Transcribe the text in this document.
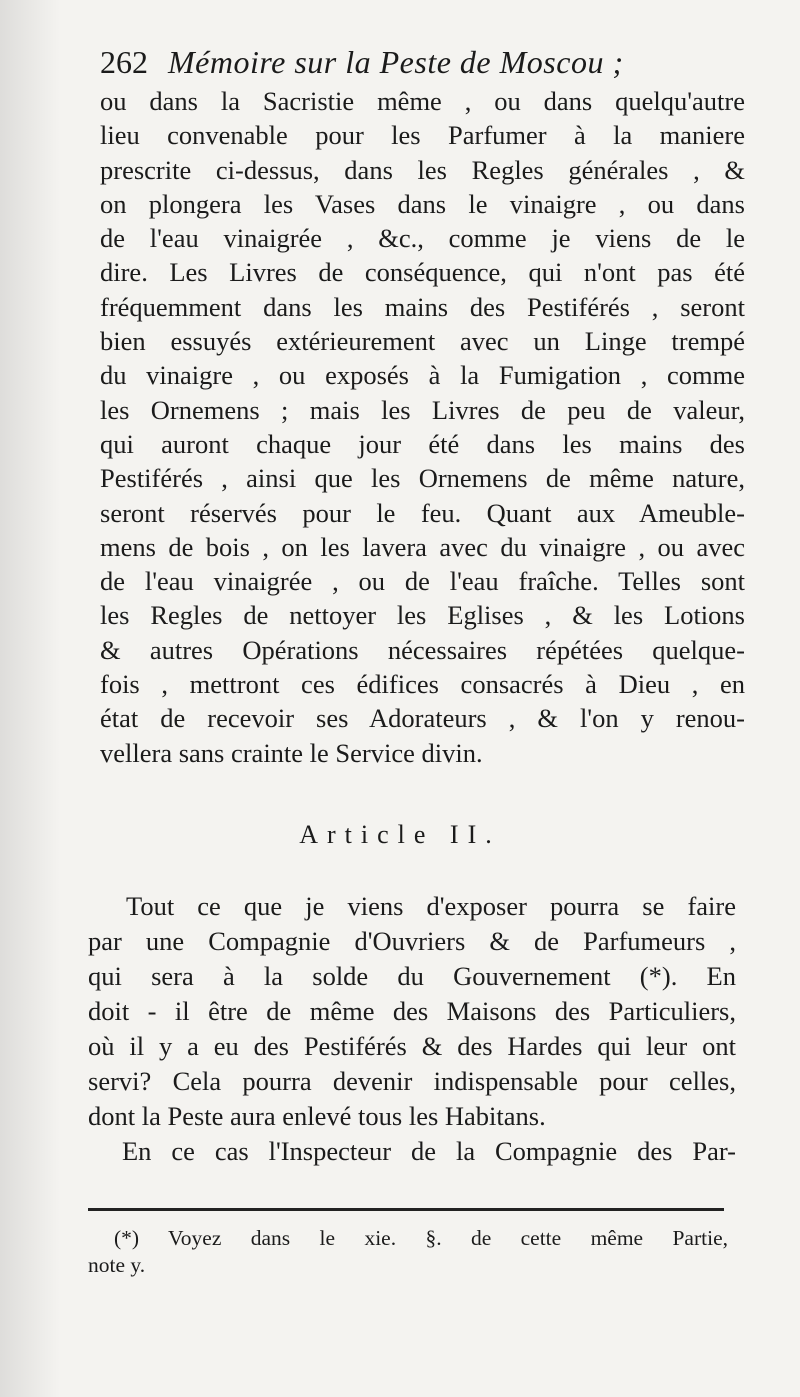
262 Mémoire sur la Peste de Moscou ;
ou dans la Sacristie même , ou dans quelqu'autre
lieu convenable pour les Parfumer à la maniere
prescrite ci-dessus, dans les Regles générales , &
on plongera les Vases dans le vinaigre , ou dans
de l'eau vinaigrée , &c., comme je viens de le
dire. Les Livres de conséquence, qui n'ont pas été
fréquemment dans les mains des Pestiférés , seront
bien essuyés extérieurement avec un Linge trempé
du vinaigre , ou exposés à la Fumigation , comme
les Ornemens ; mais les Livres de peu de valeur,
qui auront chaque jour été dans les mains des
Pestiférés , ainsi que les Ornemens de même nature,
seront réservés pour le feu. Quant aux Ameuble-
mens de bois , on les lavera avec du vinaigre , ou avec
de l'eau vinaigrée , ou de l'eau fraîche. Telles sont
les Regles de nettoyer les Eglises , & les Lotions
& autres Opérations nécessaires répétées quelque-
fois , mettront ces édifices consacrés à Dieu , en
état de recevoir ses Adorateurs , & l'on y renou-
vellera sans crainte le Service divin.
Article II.
Tout ce que je viens d'exposer pourra se faire
par une Compagnie d'Ouvriers & de Parfumeurs ,
qui sera à la solde du Gouvernement (*). En
doit - il être de même des Maisons des Particuliers,
où il y a eu des Pestiférés & des Hardes qui leur ont
servi? Cela pourra devenir indispensable pour celles,
dont la Peste aura enlevé tous les Habitans.
En ce cas l'Inspecteur de la Compagnie des Par-
(*) Voyez dans le xie. §. de cette même Partie,
note y.
